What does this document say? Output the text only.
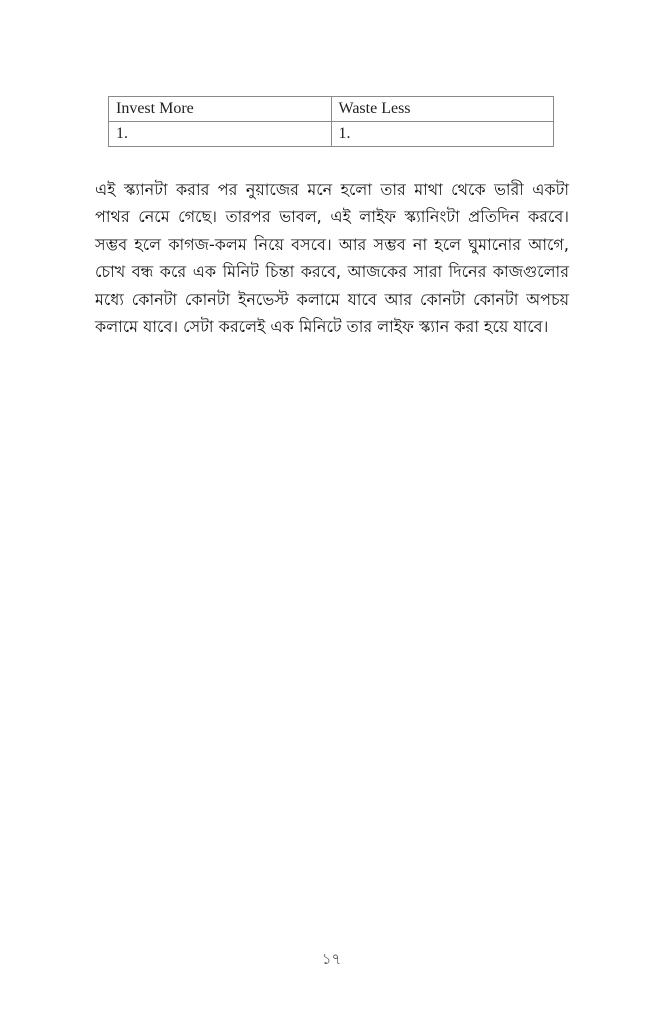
Invest More	Waste Less
1.	1.

এই স্ক্যানটা করার পর নুয়াজের মনে হলো তার মাথা থেকে ভারী একটা পাথর নেমে গেছে। তারপর ভাবল, এই লাইফ স্ক্যানিংটা প্রতিদিন করবে। সম্ভব হলে কাগজ-কলম নিয়ে বসবে। আর সম্ভব না হলে ঘুমানোর আগে, চোখ বন্ধ করে এক মিনিট চিন্তা করবে, আজকের সারা দিনের কাজগুলোর মধ্যে কোনটা কোনটা ইনভেস্ট কলামে যাবে আর কোনটা কোনটা অপচয় কলামে যাবে। সেটা করলেই এক মিনিটে তার লাইফ স্ক্যান করা হয়ে যাবে।

১৭
